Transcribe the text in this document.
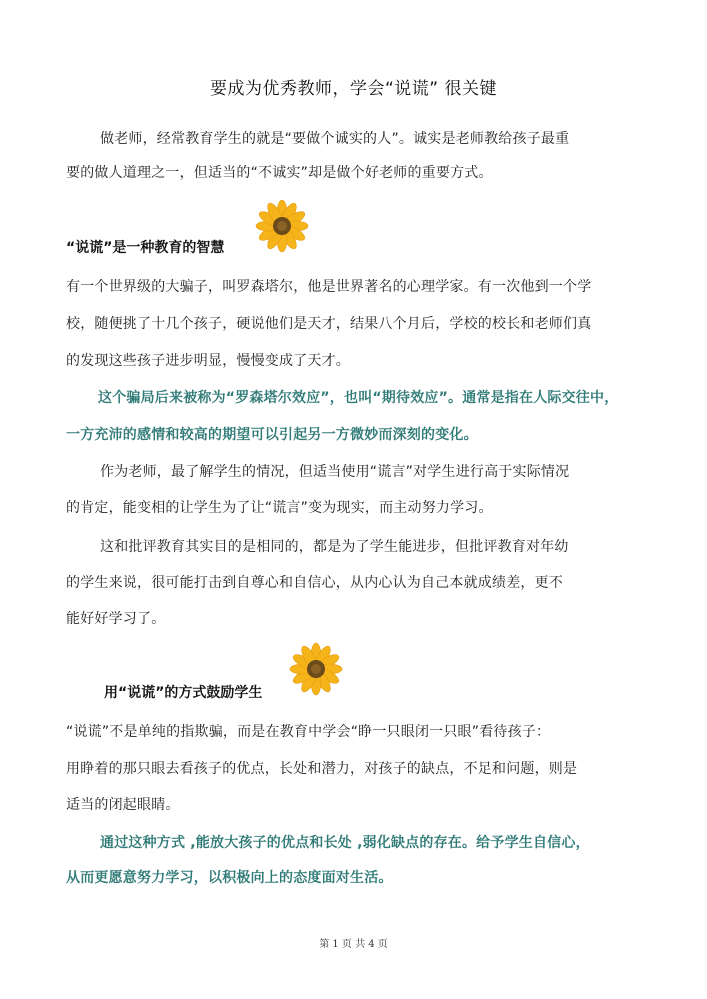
要成为优秀教师，学会“说谎” 很关键
做老师，经常教育学生的就是“要做个诚实的人”。诚实是老师教给孩子最重
要的做人道理之一，但适当的“不诚实”却是做个好老师的重要方式。
“说谎”是一种教育的智慧
有一个世界级的大骗子，叫罗森塔尔，他是世界著名的心理学家。有一次他到一个学
校，随便挑了十几个孩子，硬说他们是天才，结果八个月后，学校的校长和老师们真
的发现这些孩子进步明显，慢慢变成了天才。
这个骗局后来被称为“罗森塔尔效应”，也叫“期待效应”。通常是指在人际交往中，
一方充沛的感情和较高的期望可以引起另一方微妙而深刻的变化。
作为老师，最了解学生的情况，但适当使用“谎言”对学生进行高于实际情况
的肯定，能变相的让学生为了让“谎言”变为现实，而主动努力学习。
这和批评教育其实目的是相同的，都是为了学生能进步，但批评教育对年幼
的学生来说，很可能打击到自尊心和自信心，从内心认为自己本就成绩差，更不
能好好学习了。
用“说谎”的方式鼓励学生
“说谎”不是单纯的指欺骗，而是在教育中学会“睁一只眼闭一只眼”看待孩子：
用睁着的那只眼去看孩子的优点，长处和潜力，对孩子的缺点，不足和问题，则是
适当的闭起眼睛。
通过这种方式 ,能放大孩子的优点和长处 ,弱化缺点的存在。给予学生自信心，
从而更愿意努力学习，以积极向上的态度面对生活。
第 1 页 共 4 页
